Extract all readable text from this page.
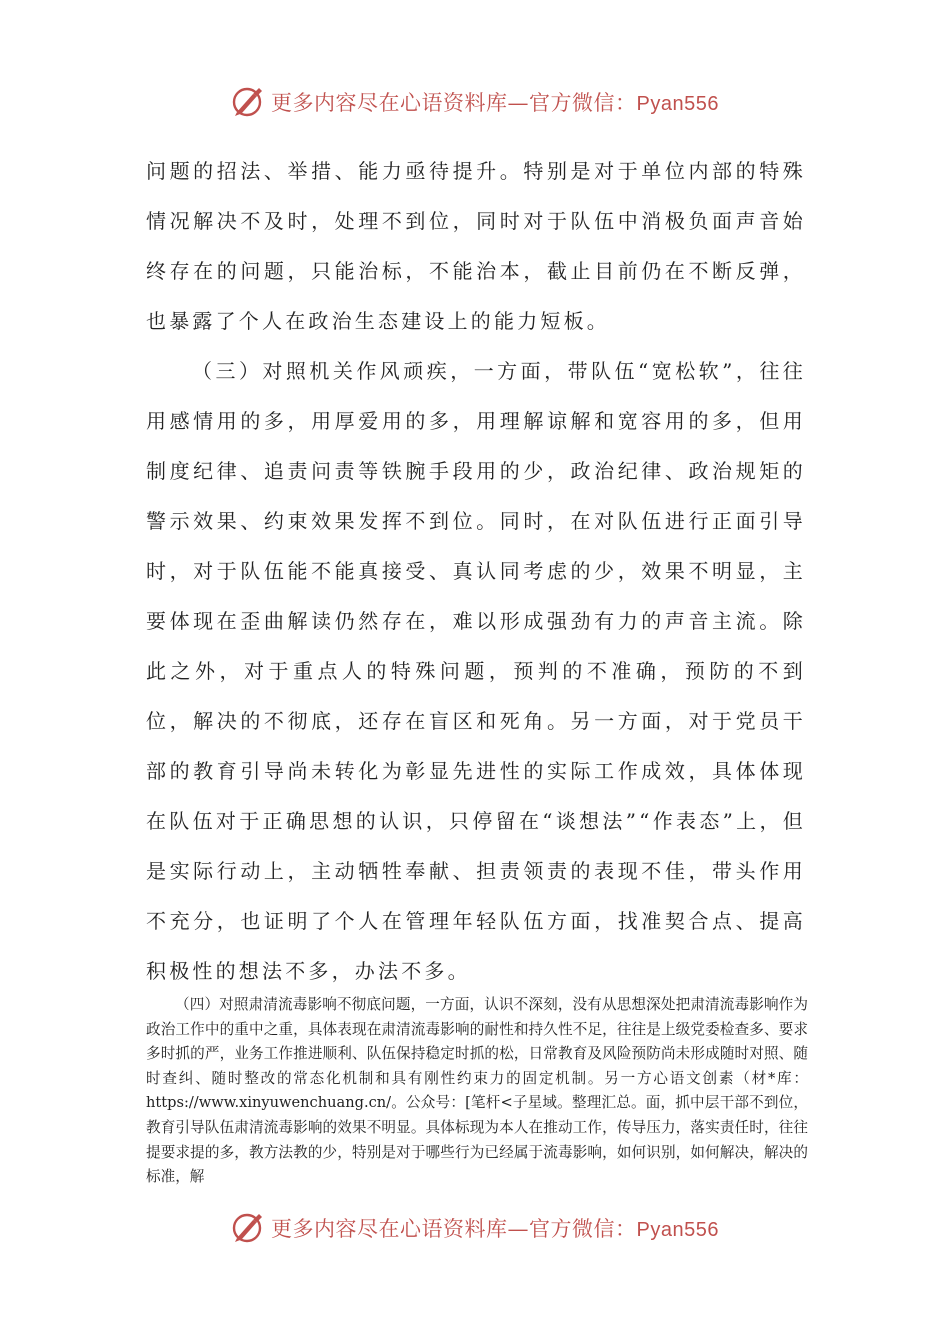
更多内容尽在心语资料库—官方微信：Pyan556

问题的招法、举措、能力亟待提升。特别是对于单位内部的特殊情况解决不及时，处理不到位，同时对于队伍中消极负面声音始终存在的问题，只能治标，不能治本，截止目前仍在不断反弹，也暴露了个人在政治生态建设上的能力短板。

（三）对照机关作风顽疾，一方面，带队伍“宽松软”，往往用感情用的多，用厚爱用的多，用理解谅解和宽容用的多，但用制度纪律、追责问责等铁腕手段用的少，政治纪律、政治规矩的警示效果、约束效果发挥不到位。同时，在对队伍进行正面引导时，对于队伍能不能真接受、真认同考虑的少，效果不明显，主要体现在歪曲解读仍然存在，难以形成强劲有力的声音主流。除此之外，对于重点人的特殊问题，预判的不准确，预防的不到位，解决的不彻底，还存在盲区和死角。另一方面，对于党员干部的教育引导尚未转化为彰显先进性的实际工作成效，具体体现在队伍对于正确思想的认识，只停留在“谈想法”“作表态”上，但是实际行动上，主动牺牲奉献、担责领责的表现不佳，带头作用不充分，也证明了个人在管理年轻队伍方面，找准契合点、提高积极性的想法不多，办法不多。

（四）对照肃清流毒影响不彻底问题，一方面，认识不深刻，没有从思想深处把肃清流毒影响作为政治工作中的重中之重，具体表现在肃清流毒影响的耐性和持久性不足，往往是上级党委检查多、要求多时抓的严，业务工作推进顺利、队伍保持稳定时抓的松，日常教育及风险预防尚未形成随时对照、随时查纠、随时整改的常态化机制和具有刚性约束力的固定机制。另一方心语文创素（材*库：https://www.xinyuwenchuang.cn/。公众号：[笔杆<子星域。整理汇总。面，抓中层干部不到位，教育引导队伍肃清流毒影响的效果不明显。具体标现为本人在推动工作，传导压力，落实责任时，往往提要求提的多，教方法教的少，特别是对于哪些行为已经属于流毒影响，如何识别，如何解决，解决的标准，解

更多内容尽在心语资料库—官方微信：Pyan556
